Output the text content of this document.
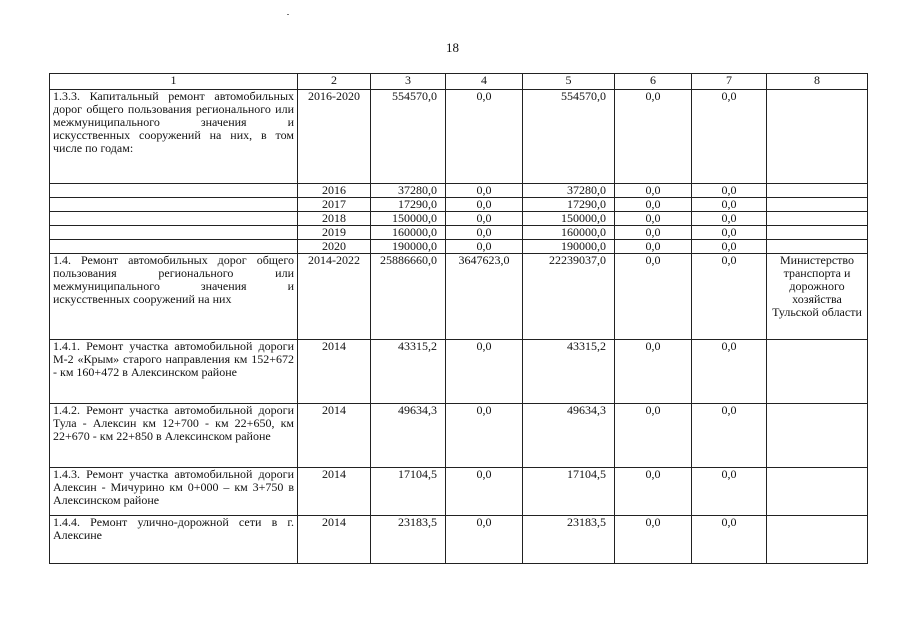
18
1	2	3	4	5	6	7	8
1.3.3. Капитальный ремонт автомобильных дорог общего пользования регионального или межмуниципального значения и искусственных сооружений на них, в том числе по годам:	2016-2020	554570,0	0,0	554570,0	0,0	0,0	
	2016	37280,0	0,0	37280,0	0,0	0,0	
	2017	17290,0	0,0	17290,0	0,0	0,0	
	2018	150000,0	0,0	150000,0	0,0	0,0	
	2019	160000,0	0,0	160000,0	0,0	0,0	
	2020	190000,0	0,0	190000,0	0,0	0,0	
1.4. Ремонт автомобильных дорог общего пользования регионального или межмуниципального значения и искусственных сооружений на них	2014-2022	25886660,0	3647623,0	22239037,0	0,0	0,0	Министерство транспорта и дорожного хозяйства Тульской области
1.4.1. Ремонт участка автомобильной дороги М-2 «Крым» старого направления км 152+672 - км 160+472 в Алексинском районе	2014	43315,2	0,0	43315,2	0,0	0,0	
1.4.2. Ремонт участка автомобильной дороги Тула - Алексин км 12+700 - км 22+650, км 22+670 - км 22+850 в Алексинском районе	2014	49634,3	0,0	49634,3	0,0	0,0	
1.4.3. Ремонт участка автомобильной дороги Алексин - Мичурино км 0+000 – км 3+750 в Алексинском районе	2014	17104,5	0,0	17104,5	0,0	0,0	
1.4.4. Ремонт улично-дорожной сети в г. Алексине	2014	23183,5	0,0	23183,5	0,0	0,0	
